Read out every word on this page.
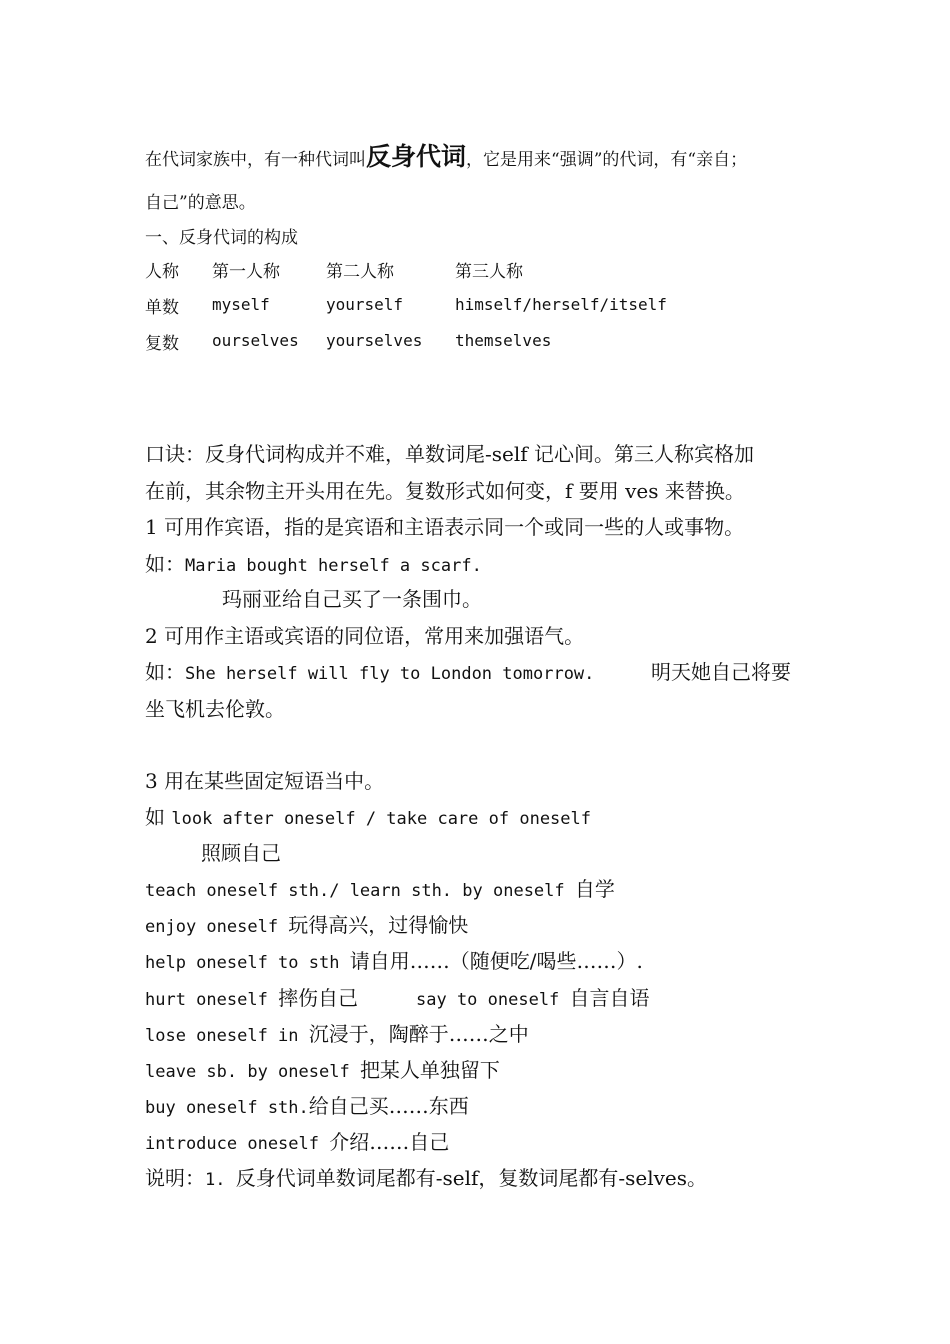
在代词家族中，有一种代词叫反身代词，它是用来“强调”的代词，有“亲自；
自己”的意思。
一、反身代词的构成
人称 第一人称	第二人称	第三人称
单数 myself	yourself	himself/herself/itself
复数 ourselves yourselves themselves
口诀：反身代词构成并不难，单数词尾-self 记心间。第三人称宾格加
在前，其余物主开头用在先。复数形式如何变，f 要用 ves 来替换。
1 可用作宾语，指的是宾语和主语表示同一个或同一些的人或事物。
如：Maria bought herself a scarf.
玛丽亚给自己买了一条围巾。
2 可用作主语或宾语的同位语，常用来加强语气。
如：She herself will fly to London tomorrow.	明天她自己将要
坐飞机去伦敦。
3 用在某些固定短语当中。
如 look after oneself / take care of oneself
照顾自己
teach oneself sth./ learn sth. by oneself 自学
enjoy oneself 玩得高兴，过得愉快
help oneself to sth 请自用……（随便吃/喝些……）.
hurt oneself 摔伤自己	say to oneself 自言自语
lose oneself in 沉浸于，陶醉于……之中
leave sb. by oneself 把某人单独留下
buy oneself sth.给自己买……东西
introduce oneself 介绍……自己
说明：1. 反身代词单数词尾都有-self，复数词尾都有-selves。
